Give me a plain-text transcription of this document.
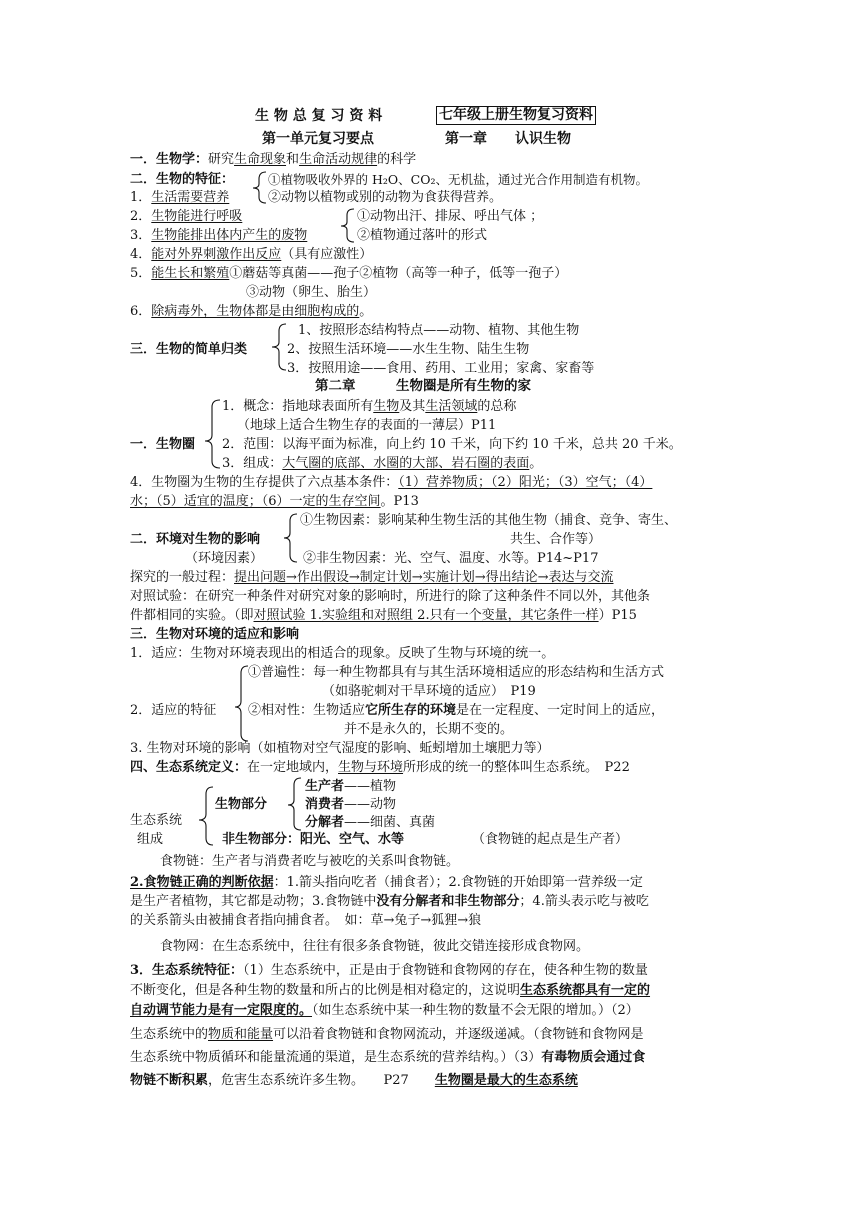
生 物 总 复 习 资 料	七年级上册生物复习资料
第一单元复习要点	第一章　　认识生物
一．生物学：研究生命现象和生命活动规律的科学
二．生物的特征：	①植物吸收外界的 H₂O、CO₂、无机盐，通过光合作用制造有机物。
1．生活需要营养	②动物以植物或别的动物为食获得营养。
2．生物能进行呼吸	①动物出汗、排尿、呼出气体 ；
3．生物能排出体内产生的废物	②植物通过落叶的形式
4．能对外界刺激作出反应（具有应激性）
5．能生长和繁殖①蘑菇等真菌——孢子②植物（高等一种子，低等一孢子）
③动物（卵生、胎生）
6．除病毒外，生物体都是由细胞构成的。
1、按照形态结构特点——动物、植物、其他生物
三．生物的简单归类	2、按照生活环境——水生生物、陆生生物
3．按照用途——食用、药用、工业用；家禽、家畜等
第二章　　　生物圈是所有生物的家
1．概念：指地球表面所有生物及其生活领域的总称
（地球上适合生物生存的表面的一薄层）P11
一．生物圈 2．范围：以海平面为标准，向上约 10 千米，向下约 10 千米，总共 20 千米。
3．组成：大气圈的底部、水圈的大部、岩石圈的表面。
4．生物圈为生物的生存提供了六点基本条件：（1）营养物质；（2）阳光；（3）空气；（4）
水；（5）适宜的温度；（6）一定的生存空间。P13
①生物因素：影响某种生物生活的其他生物（捕食、竞争、寄生、
二．环境对生物的影响	共生、合作等）
（环境因素）	②非生物因素：光、空气、温度、水等。P14~P17
探究的一般过程：提出问题→作出假设→制定计划→实施计划→得出结论→表达与交流
对照试验：在研究一种条件对研究对象的影响时，所进行的除了这种条件不同以外，其他条
件都相同的实验。（即对照试验 1.实验组和对照组 2.只有一个变量，其它条件一样）P15
三．生物对环境的适应和影响
1．适应：生物对环境表现出的相适合的现象。反映了生物与环境的统一。
①普遍性：每一种生物都具有与其生活环境相适应的形态结构和生活方式
（如骆驼刺对干旱环境的适应）　P19
2．适应的特征 ②相对性：生物适应它所生存的环境是在一定程度、一定时间上的适应，
并不是永久的，长期不变的。
3. 生物对环境的影响（如植物对空气湿度的影响、蚯蚓增加土壤肥力等）
四、生态系统定义：在一定地域内，生物与环境所形成的统一的整体叫生态系统。　P22
生产者——植物
生物部分	消费者——动物
生态系统	分解者——细菌、真菌
组成	非生物部分：阳光、空气、水等	（食物链的起点是生产者）
食物链：生产者与消费者吃与被吃的关系叫食物链。
2.食物链正确的判断依据：1.箭头指向吃者（捕食者）；2.食物链的开始即第一营养级一定
是生产者植物，其它都是动物；3.食物链中没有分解者和非生物部分；4.箭头表示吃与被吃
的关系箭头由被捕食者指向捕食者。　如：草→兔子→狐狸→狼
食物网：在生态系统中，往往有很多条食物链，彼此交错连接形成食物网。
3．生态系统特征：（1）生态系统中，正是由于食物链和食物网的存在，使各种生物的数量
不断变化，但是各种生物的数量和所占的比例是相对稳定的，这说明生态系统都具有一定的
自动调节能力是有一定限度的。（如生态系统中某一种生物的数量不会无限的增加。）（2）
生态系统中的物质和能量可以沿着食物链和食物网流动，并逐级递减。（食物链和食物网是
生态系统中物质循环和能量流通的渠道，是生态系统的营养结构。）（3）有毒物质会通过食
物链不断积累，危害生态系统许多生物。　　P27　　生物圈是最大的生态系统
